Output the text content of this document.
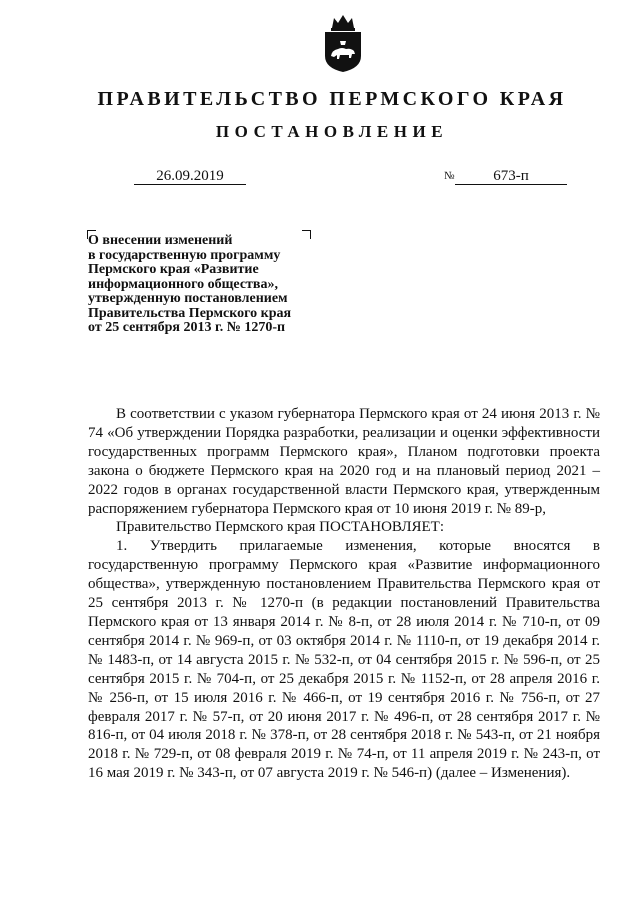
ПРАВИТЕЛЬСТВО ПЕРМСКОГО КРАЯ
ПОСТАНОВЛЕНИЕ
26.09.2019	№	673-п
О внесении изменений
в государственную программу
Пермского края «Развитие
информационного общества»,
утвержденную постановлением
Правительства Пермского края
от 25 сентября 2013 г. № 1270-п

В соответствии с указом губернатора Пермского края от 24 июня 2013 г. № 74 «Об утверждении Порядка разработки, реализации и оценки эффективности государственных программ Пермского края», Планом подготовки проекта закона о бюджете Пермского края на 2020 год и на плановый период 2021 – 2022 годов в органах государственной власти Пермского края, утвержденным распоряжением губернатора Пермского края от 10 июня 2019 г. № 89-р,

Правительство Пермского края ПОСТАНОВЛЯЕТ:

1. Утвердить прилагаемые изменения, которые вносятся в государственную программу Пермского края «Развитие информационного общества», утвержденную постановлением Правительства Пермского края от 25 сентября 2013 г. № 1270-п (в редакции постановлений Правительства Пермского края от 13 января 2014 г. № 8-п, от 28 июля 2014 г. № 710-п, от 09 сентября 2014 г. № 969-п, от 03 октября 2014 г. № 1110-п, от 19 декабря 2014 г. № 1483-п, от 14 августа 2015 г. № 532-п, от 04 сентября 2015 г. № 596-п, от 25 сентября 2015 г. № 704-п, от 25 декабря 2015 г. № 1152-п, от 28 апреля 2016 г. № 256-п, от 15 июля 2016 г. № 466-п, от 19 сентября 2016 г. № 756-п, от 27 февраля 2017 г. № 57-п, от 20 июня 2017 г. № 496-п, от 28 сентября 2017 г. № 816-п, от 04 июля 2018 г. № 378-п, от 28 сентября 2018 г. № 543-п, от 21 ноября 2018 г. № 729-п, от 08 февраля 2019 г. № 74-п, от 11 апреля 2019 г. № 243-п, от 16 мая 2019 г. № 343-п, от 07 августа 2019 г. № 546-п) (далее – Изменения).
